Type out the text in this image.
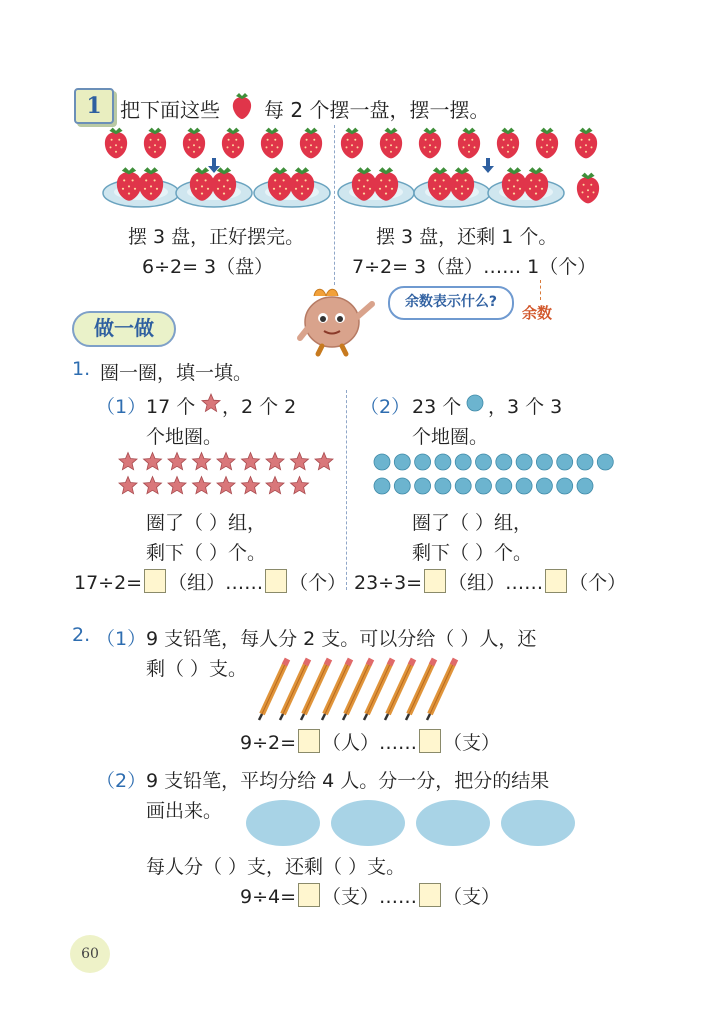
1 把下面这些 每 2 个摆一盘，摆一摆。
摆 3 盘，正好摆完。
6÷2= 3（盘）
摆 3 盘，还剩 1 个。
7÷2= 3（盘）…… 1（个）
余数表示什么?
余数
做一做
1. 圈一圈，填一填。
（1） 17 个 ，2 个 2
个地圈。
圈了（ ）组，
剩下（ ）个。
17÷2= （组）…… （个）
（2） 23 个 ，3 个 3
个地圈。
圈了（ ）组，
剩下（ ）个。
23÷3= （组）…… （个）
2. （1） 9 支铅笔，每人分 2 支。可以分给（ ）人，还
剩（ ）支。
9÷2= （人）…… （支）
（2） 9 支铅笔，平均分给 4 人。分一分，把分的结果
画出来。
每人分（ ）支，还剩（ ）支。
9÷4= （支）…… （支）
60
